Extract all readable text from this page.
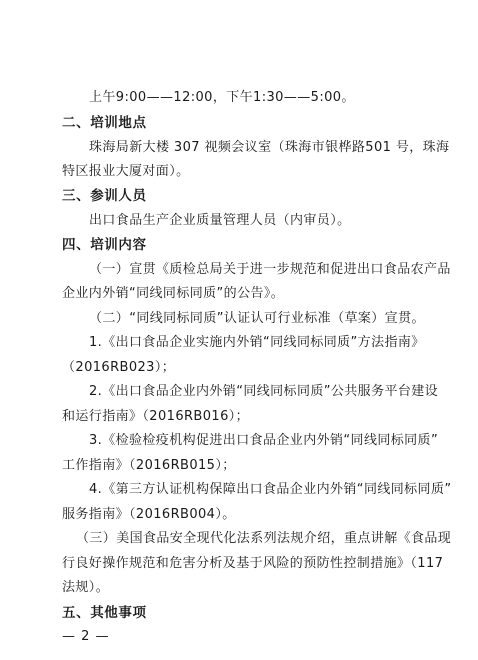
上午9:00——12:00，下午1:30——5:00。
二、培训地点
珠海局新大楼 307 视频会议室（珠海市银桦路501 号，珠海
特区报业大厦对面）。
三、参训人员
出口食品生产企业质量管理人员（内审员）。
四、培训内容
（一）宣贯《质检总局关于进一步规范和促进出口食品农产品
企业内外销“同线同标同质”的公告》。
（二）“同线同标同质”认证认可行业标准（草案）宣贯。
1.《出口食品企业实施内外销“同线同标同质”方法指南》
（2016RB023）；
2.《出口食品企业内外销“同线同标同质”公共服务平台建设
和运行指南》（2016RB016）；
3.《检验检疫机构促进出口食品企业内外销“同线同标同质”
工作指南》（2016RB015）；
4.《第三方认证机构保障出口食品企业内外销“同线同标同质”
服务指南》（2016RB004）。
（三）美国食品安全现代化法系列法规介绍，重点讲解《食品现
行良好操作规范和危害分析及基于风险的预防性控制措施》（117
法规）。
五、其他事项
— 2 —
